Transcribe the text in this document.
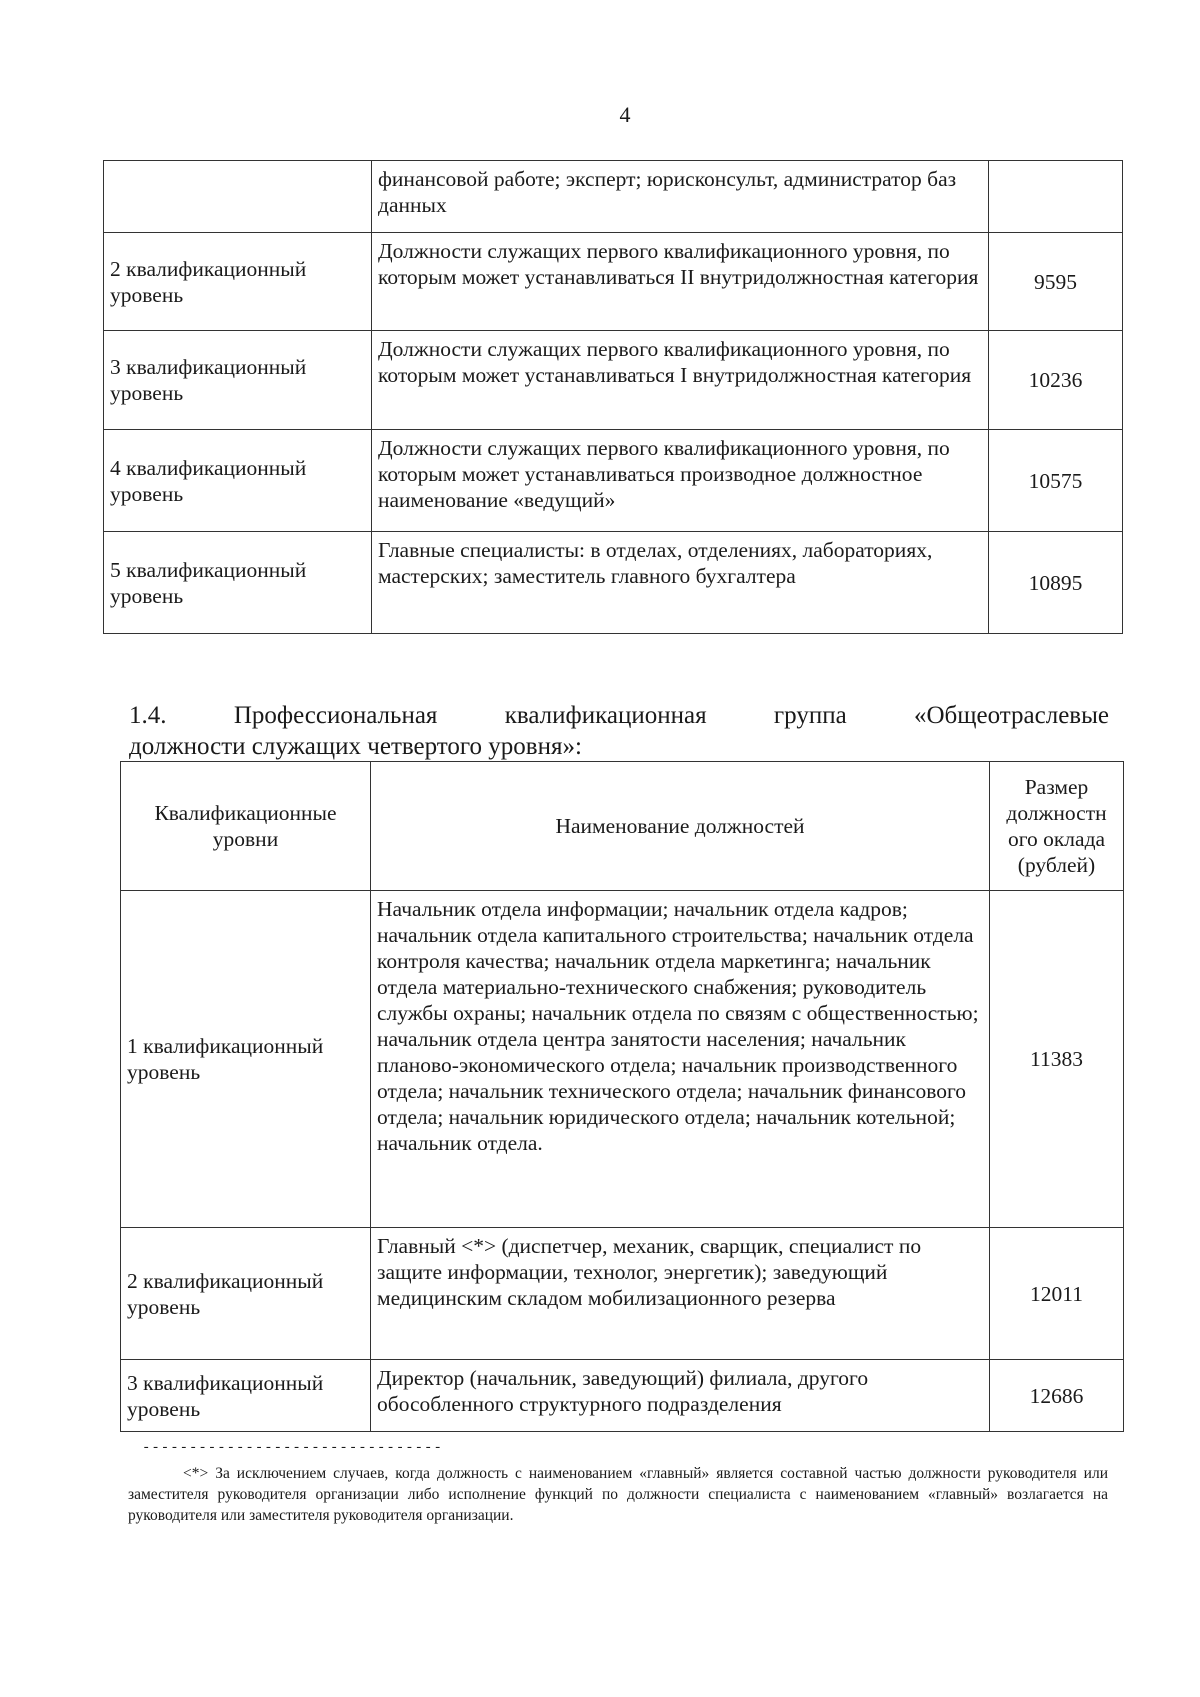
4
	финансовой работе; эксперт; юрисконсульт, администратор баз данных	
2 квалификационный уровень	Должности служащих первого квалификационного уровня, по которым может устанавливаться II внутридолжностная категория	9595
3 квалификационный уровень	Должности служащих первого квалификационного уровня, по которым может устанавливаться I внутридолжностная категория	10236
4 квалификационный уровень	Должности служащих первого квалификационного уровня, по которым может устанавливаться производное должностное наименование «ведущий»	10575
5 квалификационный уровень	Главные специалисты: в отделах, отделениях, лабораториях, мастерских; заместитель главного бухгалтера	10895
1.4. Профессиональная квалификационная группа «Общеотраслевые
должности служащих четвертого уровня»:
Квалификационные уровни	Наименование должностей	Размер должностн ого оклада (рублей)
1 квалификационный уровень	Начальник отдела информации; начальник отдела кадров; начальник отдела капитального строительства; начальник отдела контроля качества; начальник отдела маркетинга; начальник отдела материально-технического снабжения; руководитель службы охраны; начальник отдела по связям с общественностью; начальник отдела центра занятости населения; начальник планово-экономического отдела; начальник производственного отдела; начальник технического отдела; начальник финансового отдела; начальник юридического отдела; начальник котельной; начальник отдела.	11383
2 квалификационный уровень	Главный <*> (диспетчер, механик, сварщик, специалист по защите информации, технолог, энергетик); заведующий медицинским складом мобилизационного резерва	12011
3 квалификационный уровень	Директор (начальник, заведующий) филиала, другого обособленного структурного подразделения	12686
--------------------------------
<*> За исключением случаев, когда должность с наименованием «главный» является составной частью должности руководителя или заместителя руководителя организации либо исполнение функций по должности специалиста с наименованием «главный» возлагается на руководителя или заместителя руководителя организации.
